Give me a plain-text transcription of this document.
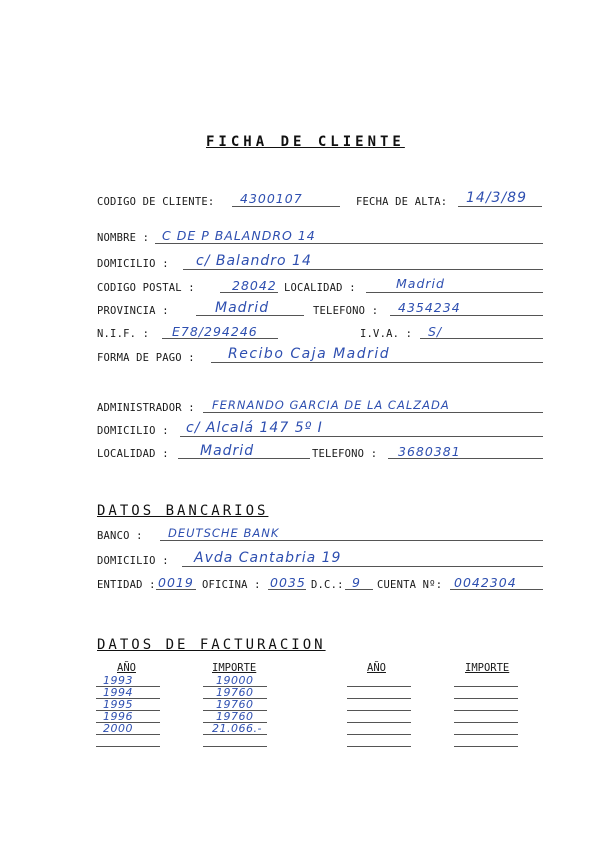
FICHA DE CLIENTE
CODIGO DE CLIENTE: 4300107	FECHA DE ALTA: 14/3/89
NOMBRE : C DE P BALANDRO 14
DOMICILIO : c/ Balandro 14
CODIGO POSTAL :	28042 LOCALIDAD :	Madrid
PROVINCIA :	Madrid	TELEFONO : 4354234
N.I.F. : E78/294246	I.V.A. : S/
FORMA DE PAGO : Recibo Caja Madrid
ADMINISTRADOR : FERNANDO GARCIA DE LA CALZADA
DOMICILIO : c/ Alcalá 147 5º I
LOCALIDAD : Madrid	TELEFONO : 3680381
DATOS BANCARIOS
BANCO : DEUTSCHE BANK
DOMICILIO : Avda Cantabria 19
ENTIDAD : 0019 OFICINA : 0035 D.C.: 9 CUENTA Nº: 0042304
DATOS DE FACTURACION
AÑO	IMPORTE	AÑO	IMPORTE
1993	19000
1994	19760
1995	19760
1996	19760
2000	21.066.-
